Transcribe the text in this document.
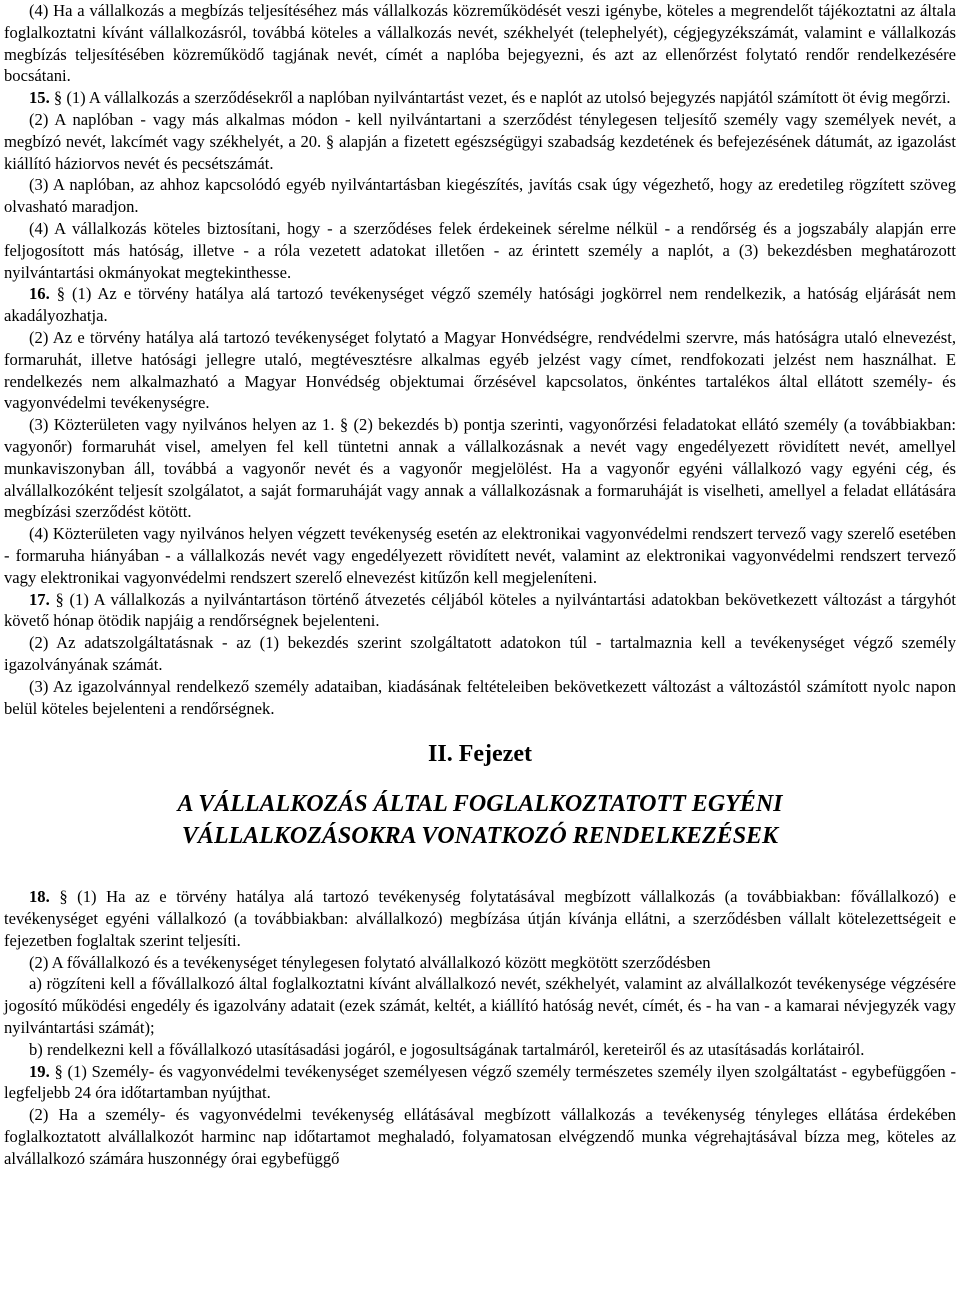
(4) Ha a vállalkozás a megbízás teljesítéséhez más vállalkozás közreműködését veszi igénybe, köteles a megrendelőt tájékoztatni az általa foglalkoztatni kívánt vállalkozásról, továbbá köteles a vállalkozás nevét, székhelyét (telephelyét), cégjegyzékszámát, valamint e vállalkozás megbízás teljesítésében közreműködő tagjának nevét, címét a naplóba bejegyezni, és azt az ellenőrzést folytató rendőr rendelkezésére bocsátani.

15. § (1) A vállalkozás a szerződésekről a naplóban nyilvántartást vezet, és e naplót az utolsó bejegyzés napjától számított öt évig megőrzi.

(2) A naplóban - vagy más alkalmas módon - kell nyilvántartani a szerződést ténylegesen teljesítő személy vagy személyek nevét, a megbízó nevét, lakcímét vagy székhelyét, a 20. § alapján a fizetett egészségügyi szabadság kezdetének és befejezésének dátumát, az igazolást kiállító háziorvos nevét és pecsétszámát.

(3) A naplóban, az ahhoz kapcsolódó egyéb nyilvántartásban kiegészítés, javítás csak úgy végezhető, hogy az eredetileg rögzített szöveg olvasható maradjon.

(4) A vállalkozás köteles biztosítani, hogy - a szerződéses felek érdekeinek sérelme nélkül - a rendőrség és a jogszabály alapján erre feljogosított más hatóság, illetve - a róla vezetett adatokat illetően - az érintett személy a naplót, a (3) bekezdésben meghatározott nyilvántartási okmányokat megtekinthesse.

16. § (1) Az e törvény hatálya alá tartozó tevékenységet végző személy hatósági jogkörrel nem rendelkezik, a hatóság eljárását nem akadályozhatja.

(2) Az e törvény hatálya alá tartozó tevékenységet folytató a Magyar Honvédségre, rendvédelmi szervre, más hatóságra utaló elnevezést, formaruhát, illetve hatósági jellegre utaló, megtévesztésre alkalmas egyéb jelzést vagy címet, rendfokozati jelzést nem használhat. E rendelkezés nem alkalmazható a Magyar Honvédség objektumai őrzésével kapcsolatos, önkéntes tartalékos által ellátott személy- és vagyonvédelmi tevékenységre.

(3) Közterületen vagy nyilvános helyen az 1. § (2) bekezdés b) pontja szerinti, vagyonőrzési feladatokat ellátó személy (a továbbiakban: vagyonőr) formaruhát visel, amelyen fel kell tüntetni annak a vállalkozásnak a nevét vagy engedélyezett rövidített nevét, amellyel munkaviszonyban áll, továbbá a vagyonőr nevét és a vagyonőr megjelölést. Ha a vagyonőr egyéni vállalkozó vagy egyéni cég, és alvállalkozóként teljesít szolgálatot, a saját formaruháját vagy annak a vállalkozásnak a formaruháját is viselheti, amellyel a feladat ellátására megbízási szerződést kötött.

(4) Közterületen vagy nyilvános helyen végzett tevékenység esetén az elektronikai vagyonvédelmi rendszert tervező vagy szerelő esetében - formaruha hiányában - a vállalkozás nevét vagy engedélyezett rövidített nevét, valamint az elektronikai vagyonvédelmi rendszert tervező vagy elektronikai vagyonvédelmi rendszert szerelő elnevezést kitűzőn kell megjeleníteni.

17. § (1) A vállalkozás a nyilvántartáson történő átvezetés céljából köteles a nyilvántartási adatokban bekövetkezett változást a tárgyhót követő hónap ötödik napjáig a rendőrségnek bejelenteni.

(2) Az adatszolgáltatásnak - az (1) bekezdés szerint szolgáltatott adatokon túl - tartalmaznia kell a tevékenységet végző személy igazolványának számát.

(3) Az igazolvánnyal rendelkező személy adataiban, kiadásának feltételeiben bekövetkezett változást a változástól számított nyolc napon belül köteles bejelenteni a rendőrségnek.

II. Fejezet
A VÁLLALKOZÁS ÁLTAL FOGLALKOZTATOTT EGYÉNI
VÁLLALKOZÁSOKRA VONATKOZÓ RENDELKEZÉSEK

18. § (1) Ha az e törvény hatálya alá tartozó tevékenység folytatásával megbízott vállalkozás (a továbbiakban: fővállalkozó) e tevékenységet egyéni vállalkozó (a továbbiakban: alvállalkozó) megbízása útján kívánja ellátni, a szerződésben vállalt kötelezettségeit e fejezetben foglaltak szerint teljesíti.

(2) A fővállalkozó és a tevékenységet ténylegesen folytató alvállalkozó között megkötött szerződésben

a) rögzíteni kell a fővállalkozó által foglalkoztatni kívánt alvállalkozó nevét, székhelyét, valamint az alvállalkozót tevékenysége végzésére jogosító működési engedély és igazolvány adatait (ezek számát, keltét, a kiállító hatóság nevét, címét, és - ha van - a kamarai névjegyzék vagy nyilvántartási számát);

b) rendelkezni kell a fővállalkozó utasításadási jogáról, e jogosultságának tartalmáról, kereteiről és az utasításadás korlátairól.

19. § (1) Személy- és vagyonvédelmi tevékenységet személyesen végző személy természetes személy ilyen szolgáltatást - egybefüggően - legfeljebb 24 óra időtartamban nyújthat.

(2) Ha a személy- és vagyonvédelmi tevékenység ellátásával megbízott vállalkozás a tevékenység tényleges ellátása érdekében foglalkoztatott alvállalkozót harminc nap időtartamot meghaladó, folyamatosan elvégzendő munka végrehajtásával bízza meg, köteles az alvállalkozó számára huszonnégy órai egybefüggő
